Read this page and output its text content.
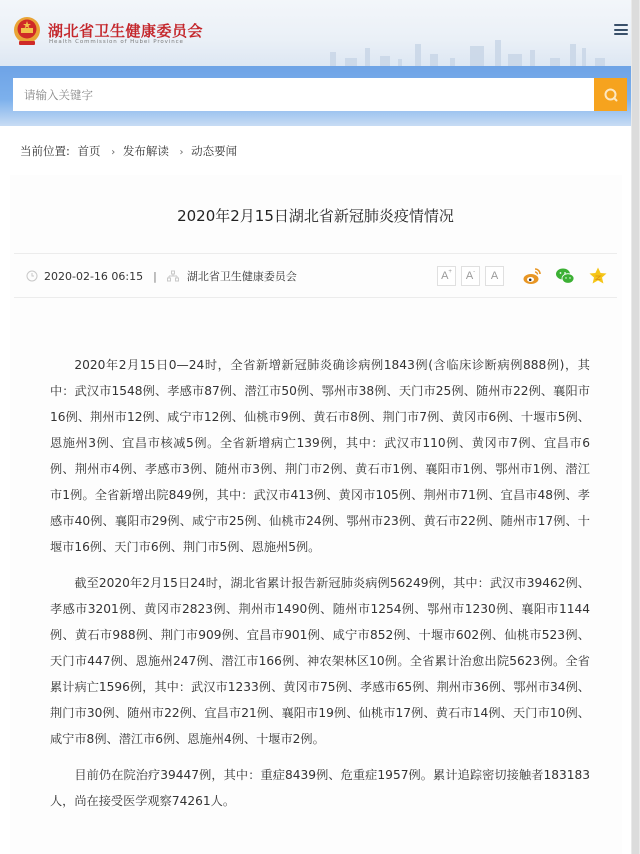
湖北省卫生健康委员会
Health Commission of Hubei Province
请输入关键字
当前位置: 首页 › 发布解读 › 动态要闻
2020年2月15日湖北省新冠肺炎疫情情况
2020-02-16 06:15 |	湖北省卫生健康委员会	A+	A-	A

2020年2月15日0—24时，全省新增新冠肺炎确诊病例1843例(含临床诊断病例888例)，其中：武汉市1548例、孝感市87例、潜江市50例、鄂州市38例、天门市25例、随州市22例、襄阳市16例、荆州市12例、咸宁市12例、仙桃市9例、黄石市8例、荆门市7例、黄冈市6例、十堰市5例、恩施州3例、宜昌市核减5例。全省新增病亡139例，其中：武汉市110例、黄冈市7例、宜昌市6例、荆州市4例、孝感市3例、随州市3例、荆门市2例、黄石市1例、襄阳市1例、鄂州市1例、潜江市1例。全省新增出院849例，其中：武汉市413例、黄冈市105例、荆州市71例、宜昌市48例、孝感市40例、襄阳市29例、咸宁市25例、仙桃市24例、鄂州市23例、黄石市22例、随州市17例、十堰市16例、天门市6例、荆门市5例、恩施州5例。

截至2020年2月15日24时，湖北省累计报告新冠肺炎病例56249例，其中：武汉市39462例、孝感市3201例、黄冈市2823例、荆州市1490例、随州市1254例、鄂州市1230例、襄阳市1144例、黄石市988例、荆门市909例、宜昌市901例、咸宁市852例、十堰市602例、仙桃市523例、天门市447例、恩施州247例、潜江市166例、神农架林区10例。全省累计治愈出院5623例。全省累计病亡1596例，其中：武汉市1233例、黄冈市75例、孝感市65例、荆州市36例、鄂州市34例、荆门市30例、随州市22例、宜昌市21例、襄阳市19例、仙桃市17例、黄石市14例、天门市10例、咸宁市8例、潜江市6例、恩施州4例、十堰市2例。

目前仍在院治疗39447例，其中：重症8439例、危重症1957例。累计追踪密切接触者183183人，尚在接受医学观察74261人。
